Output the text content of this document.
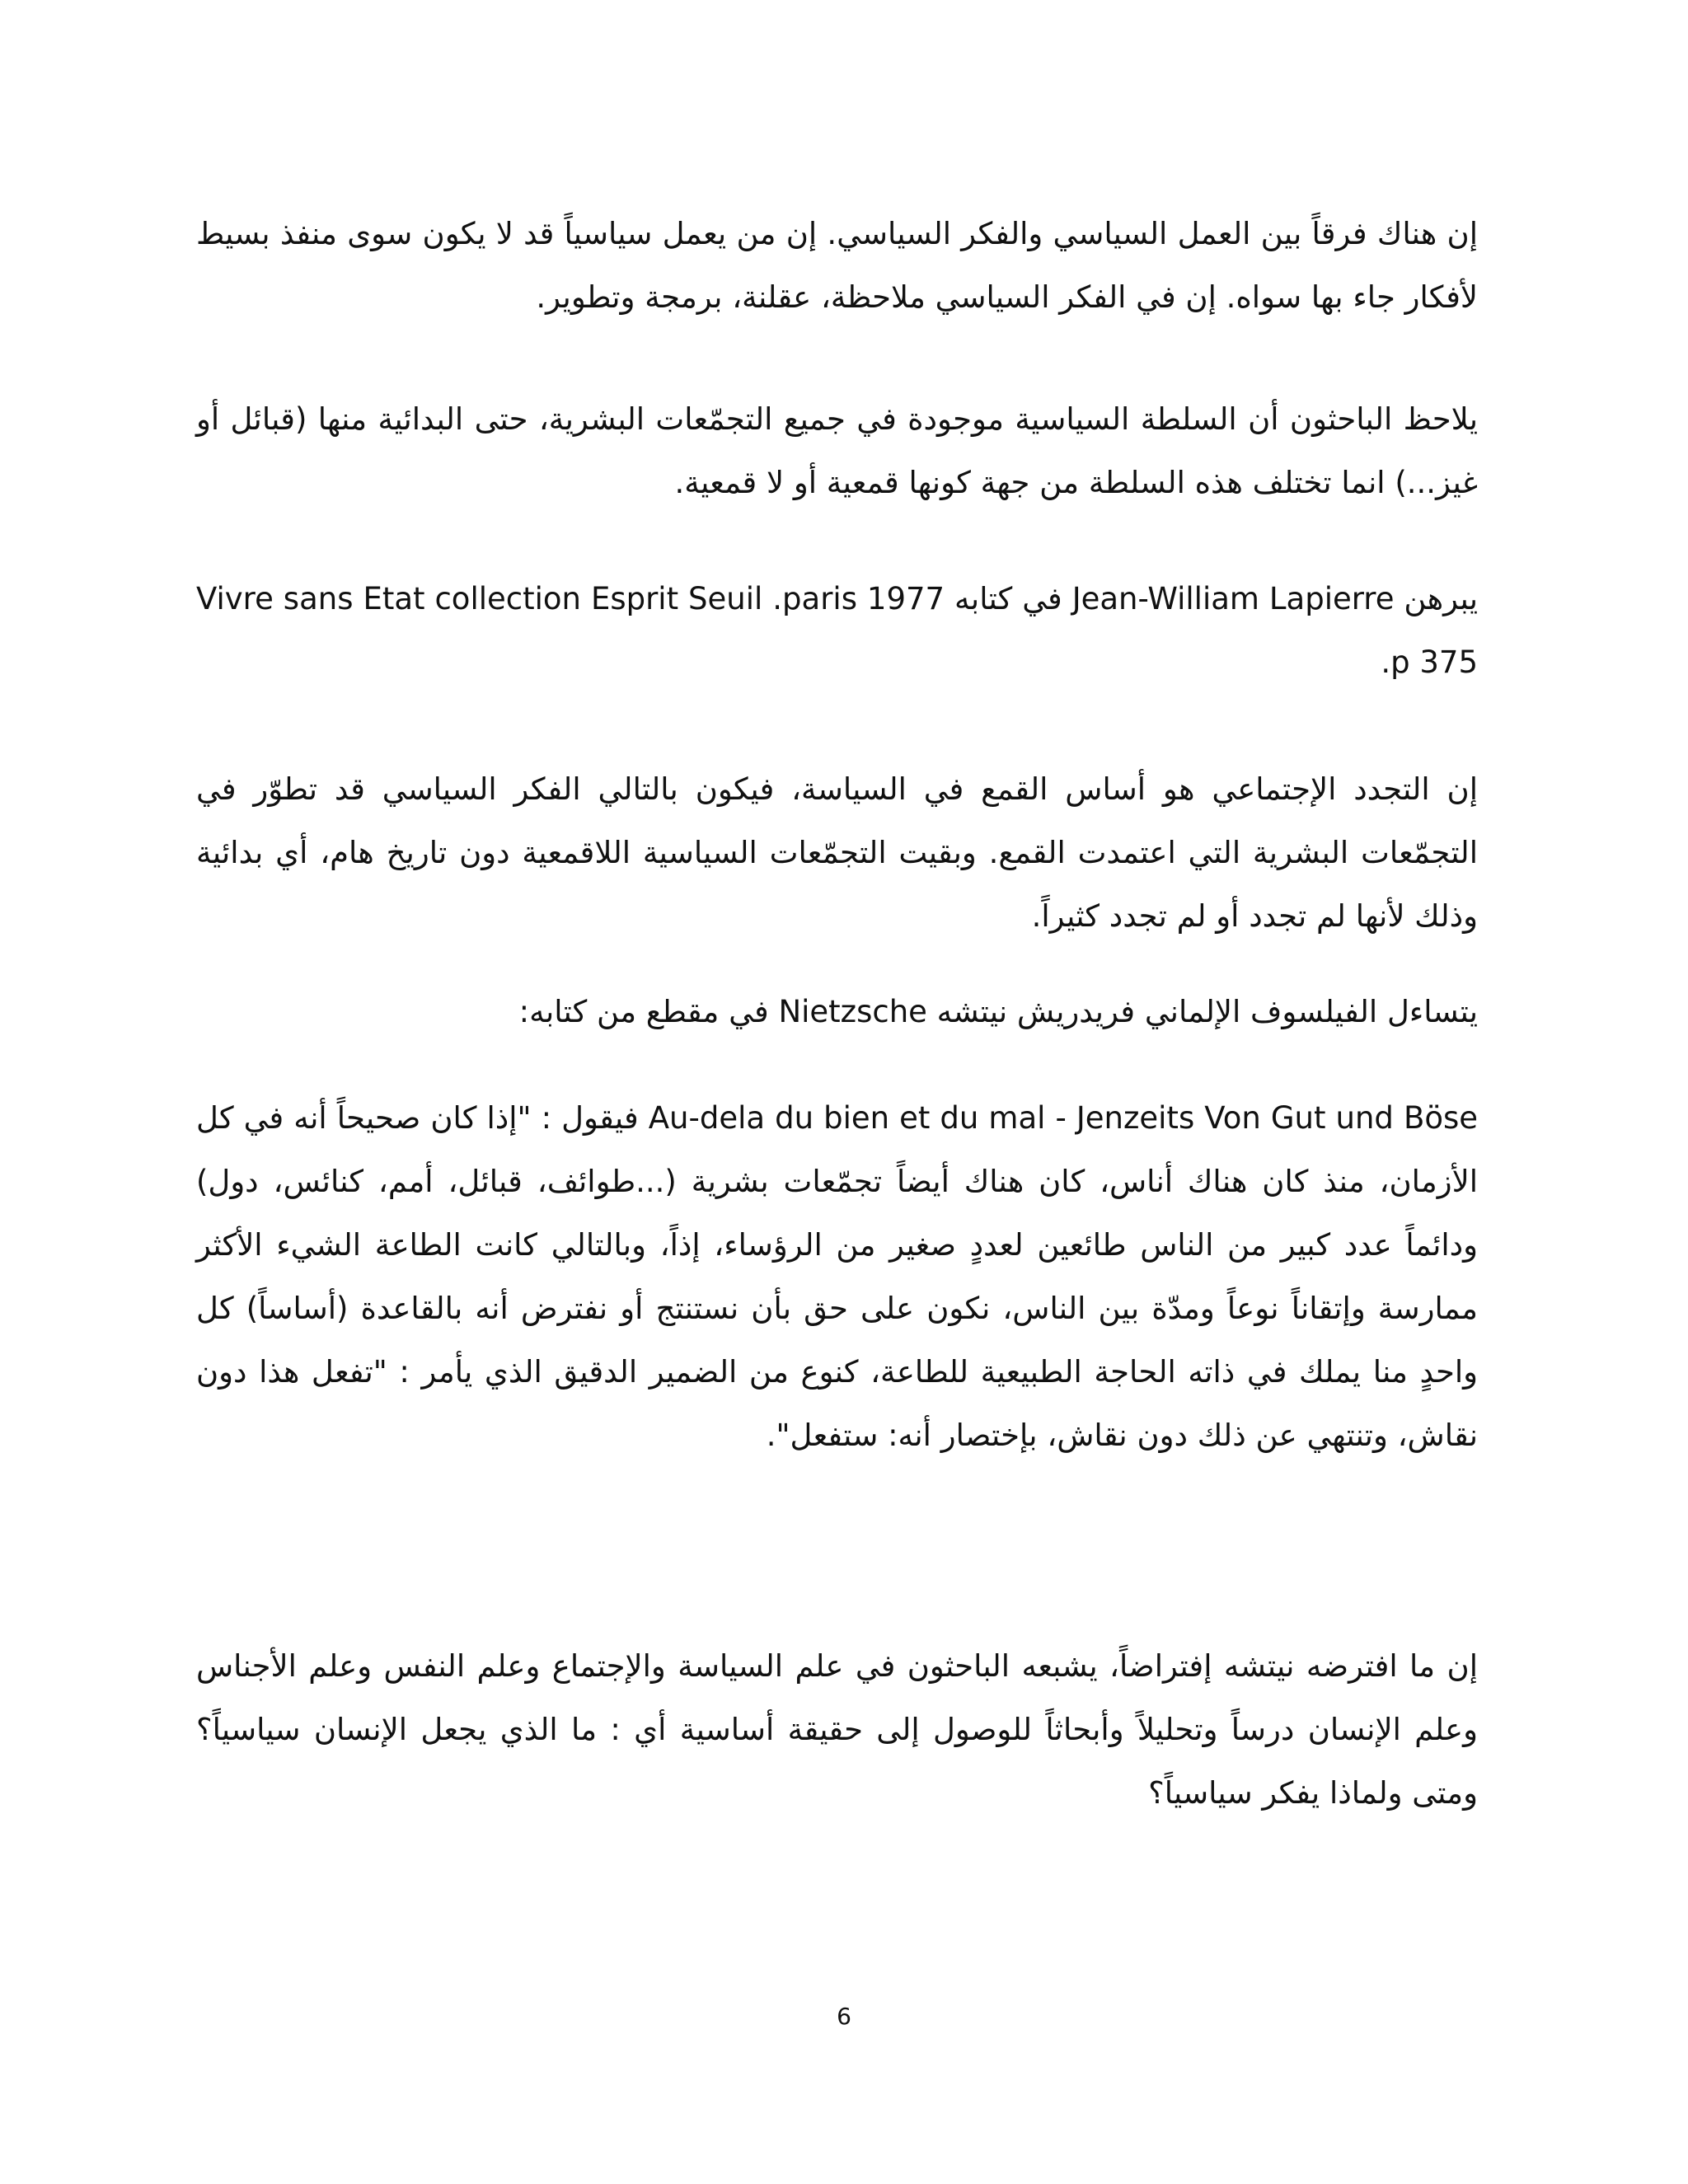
إن هناك فرقاً بين العمل السياسي والفكر السياسي. إن من يعمل سياسياً قد لا يكون سوى منفذ بسيط لأفكار جاء بها سواه. إن في الفكر السياسي ملاحظة، عقلنة، برمجة وتطوير.

يلاحظ الباحثون أن السلطة السياسية موجودة في جميع التجمّعات البشرية، حتى البدائية منها (قبائل أو غيز...) انما تختلف هذه السلطة من جهة كونها قمعية أو لا قمعية.

يبرهن Jean-William Lapierre في كتابه Vivre sans Etat collection Esprit Seuil .paris 1977 p 375.

إن التجدد الإجتماعي هو أساس القمع في السياسة، فيكون بالتالي الفكر السياسي قد تطوّر في التجمّعات البشرية التي اعتمدت القمع. وبقيت التجمّعات السياسية اللاقمعية دون تاريخ هام، أي بدائية وذلك لأنها لم تجدد أو لم تجدد كثيراً.

يتساءل الفيلسوف الإلماني فريدريش نيتشه Nietzsche في مقطع من كتابه:

Au-dela du bien et du mal - Jenzeits Von Gut und Böse فيقول : "إذا كان صحيحاً أنه في كل الأزمان، منذ كان هناك أناس، كان هناك أيضاً تجمّعات بشرية (...طوائف، قبائل، أمم، كنائس، دول) ودائماً عدد كبير من الناس طائعين لعددٍ صغير من الرؤساء، إذاً، وبالتالي كانت الطاعة الشيء الأكثر ممارسة وإتقاناً نوعاً ومدّة بين الناس، نكون على حق بأن نستنتج أو نفترض أنه بالقاعدة (أساساً) كل واحدٍ منا يملك في ذاته الحاجة الطبيعية للطاعة، كنوع من الضمير الدقيق الذي يأمر : "تفعل هذا دون نقاش، وتنتهي عن ذلك دون نقاش، بإختصار أنه: ستفعل".

إن ما افترضه نيتشه إفتراضاً، يشبعه الباحثون في علم السياسة والإجتماع وعلم النفس وعلم الأجناس وعلم الإنسان درساً وتحليلاً وأبحاثاً للوصول إلى حقيقة أساسية أي : ما الذي يجعل الإنسان سياسياً؟ ومتى ولماذا يفكر سياسياً؟

6
